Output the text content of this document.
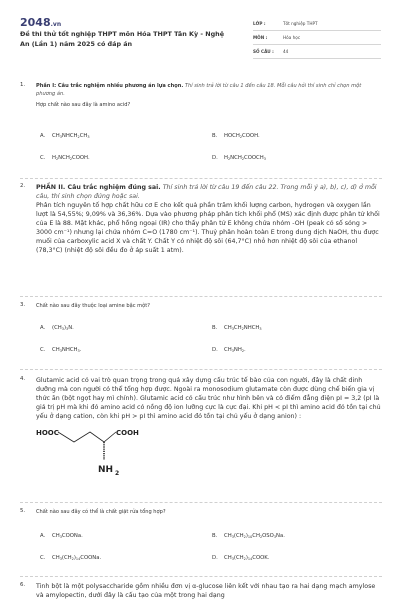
2048.vn
Đề thi thử tốt nghiệp THPT môn Hóa THPT Tân Kỳ - Nghệ
An (Lần 1) năm 2025 có đáp án
LỚP :	Tốt nghiệp THPT
MÔN :	Hóa học
SỐ CÂU :	44
1. Phần I: Câu trắc nghiệm nhiều phương án lựa chọn. Thí sinh trả lời từ câu 1 đến câu 18. Mỗi câu hỏi thí sinh chỉ chọn một phương án.
Hợp chất nào sau đây là amino acid?
A. $CH_3NHCH_2CH_3$	B. $HOCH_2COOH$.
C. $H_2NCH_2COOH$.	D. $H_2NCH_2COOCH_3$
2. PHẦN II. Câu trắc nghiệm đúng sai. Thí sinh trả lời từ câu 19 đến câu 22. Trong mỗi ý a), b), c), d) ở mỗi câu, thí sinh chọn đúng hoặc sai.
Phân tích nguyên tố hợp chất hữu cơ E cho kết quả phần trăm khối lượng carbon, hydrogen và oxygen lần lượt là 54,55%; 9,09% và 36,36%. Dựa vào phương pháp phân tích khối phổ (MS) xác định được phân tử khối của E là 88. Mặt khác, phổ hồng ngoại (IR) cho thấy phân tử E không chứa nhóm -OH (peak có số sóng > 3000 cm⁻¹) nhưng lại chứa nhóm C=O (1780 cm⁻¹). Thuỷ phân hoàn toàn E trong dung dịch NaOH, thu được muối của carboxylic acid X và chất Y. Chất Y có nhiệt độ sôi (64,7°C) nhỏ hơn nhiệt độ sôi của ethanol (78,3°C) (nhiệt độ sôi đều đo ở áp suất 1 atm).
3. Chất nào sau đây thuộc loại amine bậc một?
A. $(CH_3)_3N$.	B. $CH_3CH_2NHCH_3$
C. $CH_3NHCH_3$.	D. $CH_3NH_2$.
4. Glutamic acid có vai trò quan trọng trong quá xây dựng cấu trúc tế bào của con người, đây là chất dinh dưỡng mà con người có thể tổng hợp được. Ngoài ra monosodium glutamate còn được dùng chế biến gia vị thức ăn (bột ngọt hay mì chính). Glutamic acid có cấu trúc như hình bên và có điểm đẳng điện pI = 3,2 (pI là giá trị pH mà khi đó amino acid có nồng độ ion lưỡng cực là cực đại. Khi pH < pI thì amino acid đó tồn tại chủ yếu ở dạng cation, còn khi pH > pI thì amino acid đó tồn tại chủ yếu ở dạng anion) :
HOOC	COOH
NH 2
5. Chất nào sau đây có thể là chất giặt rửa tổng hợp?
A. $CH_3COONa$.	B. $CH_3(CH_2)_{10}CH_2OSO_3Na$.
C. $CH_3(CH_2)_{14}COONa$.	D. $CH_3(CH_2)_{14}COOK$.
6. Tinh bột là một polysaccharide gồm nhiều đơn vị α-glucose liên kết với nhau tạo ra hai dạng mạch amylose và amylopectin, dưới đây là cấu tạo của một trong hai dạng
